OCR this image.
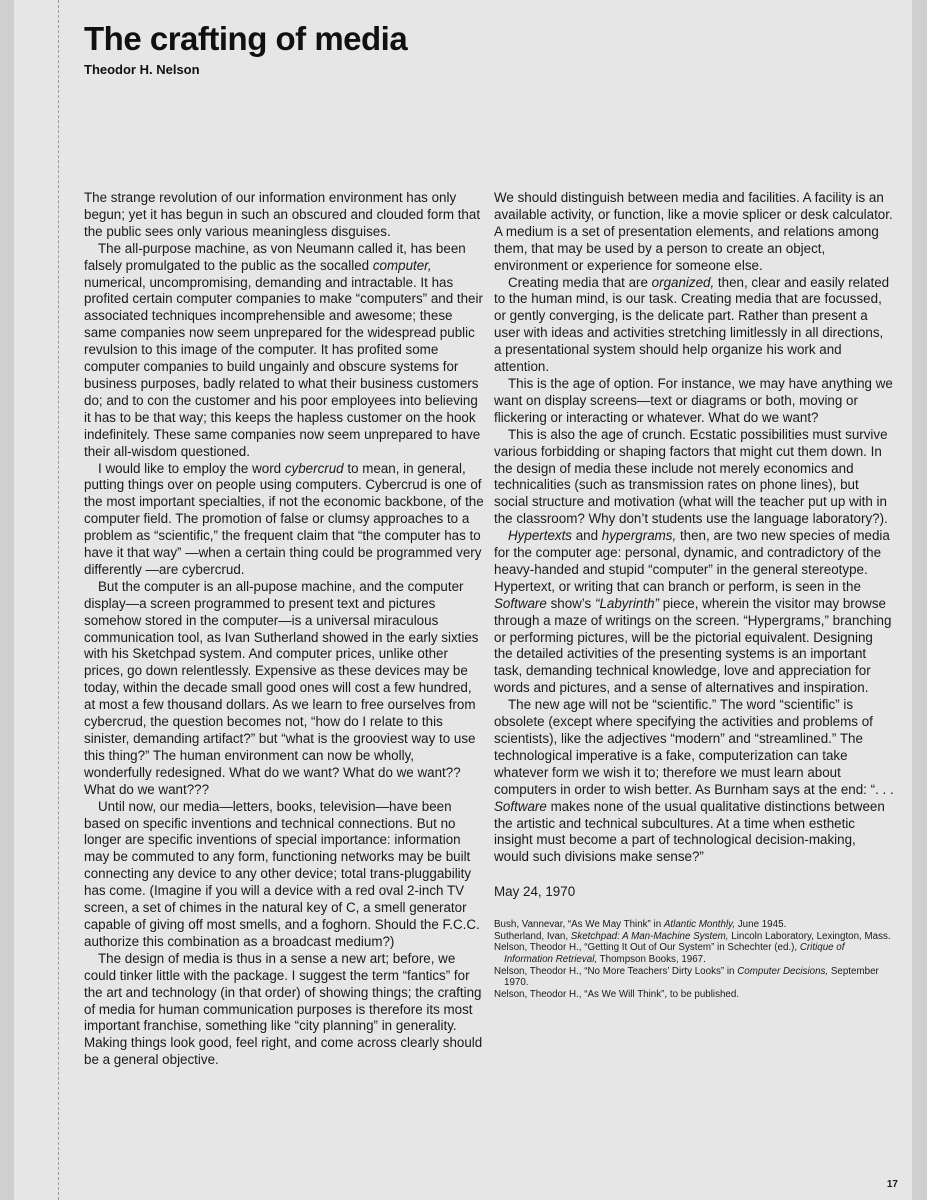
The crafting of media

Theodor H. Nelson

The strange revolution of our information environment has only begun; yet it has begun in such an obscured and clouded form that the public sees only various meaningless disguises.

The all-purpose machine, as von Neumann called it, has been falsely promulgated to the public as the socalled computer, numerical, uncompromising, demanding and intractable. It has profited certain computer companies to make “computers” and their associated techniques incomprehensible and awesome; these same companies now seem unprepared for the widespread public revulsion to this image of the computer. It has profited some computer companies to build ungainly and obscure systems for business purposes, badly related to what their business customers do; and to con the customer and his poor employees into believing it has to be that way; this keeps the hapless customer on the hook indefinitely. These same companies now seem unprepared to have their all-wisdom questioned.

I would like to employ the word cybercrud to mean, in general, putting things over on people using computers. Cybercrud is one of the most important specialties, if not the economic backbone, of the computer field. The promotion of false or clumsy approaches to a problem as “scientific,” the frequent claim that “the computer has to have it that way” —when a certain thing could be programmed very differently —are cybercrud.

But the computer is an all-pupose machine, and the computer display—a screen programmed to present text and pictures somehow stored in the computer—is a universal miraculous communication tool, as Ivan Sutherland showed in the early sixties with his Sketchpad system. And computer prices, unlike other prices, go down relentlessly. Expensive as these devices may be today, within the decade small good ones will cost a few hundred, at most a few thousand dollars. As we learn to free ourselves from cybercrud, the question becomes not, “how do I relate to this sinister, demanding artifact?” but “what is the grooviest way to use this thing?” The human environment can now be wholly, wonderfully redesigned. What do we want? What do we want?? What do we want???

Until now, our media—letters, books, television—have been based on specific inventions and technical connections. But no longer are specific inventions of special importance: information may be commuted to any form, functioning networks may be built connecting any device to any other device; total trans-pluggability has come. (Imagine if you will a device with a red oval 2-inch TV screen, a set of chimes in the natural key of C, a smell generator capable of giving off most smells, and a foghorn. Should the F.C.C. authorize this combination as a broadcast medium?)

The design of media is thus in a sense a new art; before, we could tinker little with the package. I suggest the term “fantics” for the art and technology (in that order) of showing things; the crafting of media for human communication purposes is therefore its most important franchise, something like “city planning” in generality. Making things look good, feel right, and come across clearly should be a general objective.

We should distinguish between media and facilities. A facility is an available activity, or function, like a movie splicer or desk calculator. A medium is a set of presentation elements, and relations among them, that may be used by a person to create an object, environment or experience for someone else.

Creating media that are organized, then, clear and easily related to the human mind, is our task. Creating media that are focussed, or gently converging, is the delicate part. Rather than present a user with ideas and activities stretching limitlessly in all directions, a presentational system should help organize his work and attention.

This is the age of option. For instance, we may have anything we want on display screens—text or diagrams or both, moving or flickering or interacting or whatever. What do we want?

This is also the age of crunch. Ecstatic possibilities must survive various forbidding or shaping factors that might cut them down. In the design of media these include not merely economics and technicalities (such as transmission rates on phone lines), but social structure and motivation (what will the teacher put up with in the classroom? Why don’t students use the language laboratory?).

Hypertexts and hypergrams, then, are two new species of media for the computer age: personal, dynamic, and contradictory of the heavy-handed and stupid “computer” in the general stereotype. Hypertext, or writing that can branch or perform, is seen in the Software show’s “Labyrinth” piece, wherein the visitor may browse through a maze of writings on the screen. “Hypergrams,” branching or performing pictures, will be the pictorial equivalent. Designing the detailed activities of the presenting systems is an important task, demanding technical knowledge, love and appreciation for words and pictures, and a sense of alternatives and inspiration.

The new age will not be “scientific.” The word “scientific” is obsolete (except where specifying the activities and problems of scientists), like the adjectives “modern” and “streamlined.” The technological imperative is a fake, computerization can take whatever form we wish it to; therefore we must learn about computers in order to wish better. As Burnham says at the end: “. . . Software makes none of the usual qualitative distinctions between the artistic and technical subcultures. At a time when esthetic insight must become a part of technological decision-making, would such divisions make sense?”

May 24, 1970

Bush, Vannevar, “As We May Think” in Atlantic Monthly, June 1945.
Sutherland, Ivan, Sketchpad: A Man-Machine System, Lincoln Laboratory, Lexington, Mass.
Nelson, Theodor H., “Getting It Out of Our System” in Schechter (ed.), Critique of Information Retrieval, Thompson Books, 1967.
Nelson, Theodor H., “No More Teachers’ Dirty Looks” in Computer Decisions, September 1970.
Nelson, Theodor H., “As We Will Think”, to be published.
17
